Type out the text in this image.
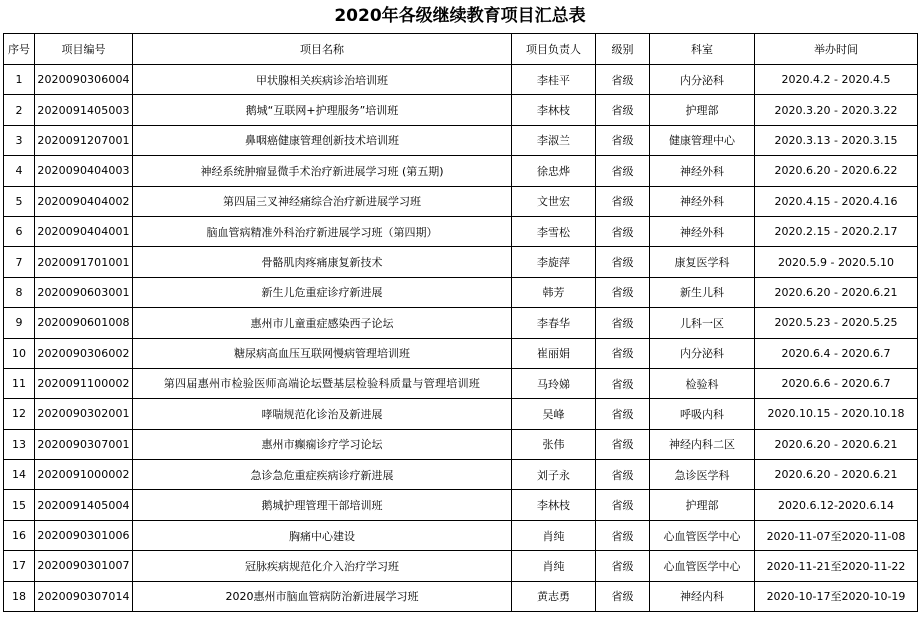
2020年各级继续教育项目汇总表
序号	项目编号	项目名称	项目负责人	级别	科室	举办时间
1	2020090306004	甲状腺相关疾病诊治培训班	李桂平	省级	内分泌科	2020.4.2 - 2020.4.5
2	2020091405003	鹅城“互联网+护理服务”培训班	李林枝	省级	护理部	2020.3.20 - 2020.3.22
3	2020091207001	鼻咽癌健康管理创新技术培训班	李淑兰	省级	健康管理中心	2020.3.13 - 2020.3.15
4	2020090404003	神经系统肿瘤显微手术治疗新进展学习班 (第五期)	徐忠烨	省级	神经外科	2020.6.20 - 2020.6.22
5	2020090404002	第四届三叉神经痛综合治疗新进展学习班	文世宏	省级	神经外科	2020.4.15 - 2020.4.16
6	2020090404001	脑血管病精准外科治疗新进展学习班（第四期）	李雪松	省级	神经外科	2020.2.15 - 2020.2.17
7	2020091701001	骨骼肌肉疼痛康复新技术	李旋萍	省级	康复医学科	2020.5.9 - 2020.5.10
8	2020090603001	新生儿危重症诊疗新进展	韩芳	省级	新生儿科	2020.6.20 - 2020.6.21
9	2020090601008	惠州市儿童重症感染西子论坛	李春华	省级	儿科一区	2020.5.23 - 2020.5.25
10	2020090306002	糖尿病高血压互联网慢病管理培训班	崔丽娟	省级	内分泌科	2020.6.4 - 2020.6.7
11	2020091100002	第四届惠州市检验医师高端论坛暨基层检验科质量与管理培训班	马玲娣	省级	检验科	2020.6.6 - 2020.6.7
12	2020090302001	哮喘规范化诊治及新进展	吴峰	省级	呼吸内科	2020.10.15 - 2020.10.18
13	2020090307001	惠州市癫痫诊疗学习论坛	张伟	省级	神经内科二区	2020.6.20 - 2020.6.21
14	2020091000002	急诊急危重症疾病诊疗新进展	刘子永	省级	急诊医学科	2020.6.20 - 2020.6.21
15	2020091405004	鹅城护理管理干部培训班	李林枝	省级	护理部	2020.6.12-2020.6.14
16	2020090301006	胸痛中心建设	肖纯	省级	心血管医学中心	2020-11-07至2020-11-08
17	2020090301007	冠脉疾病规范化介入治疗学习班	肖纯	省级	心血管医学中心	2020-11-21至2020-11-22
18	2020090307014	2020惠州市脑血管病防治新进展学习班	黄志勇	省级	神经内科	2020-10-17至2020-10-19
